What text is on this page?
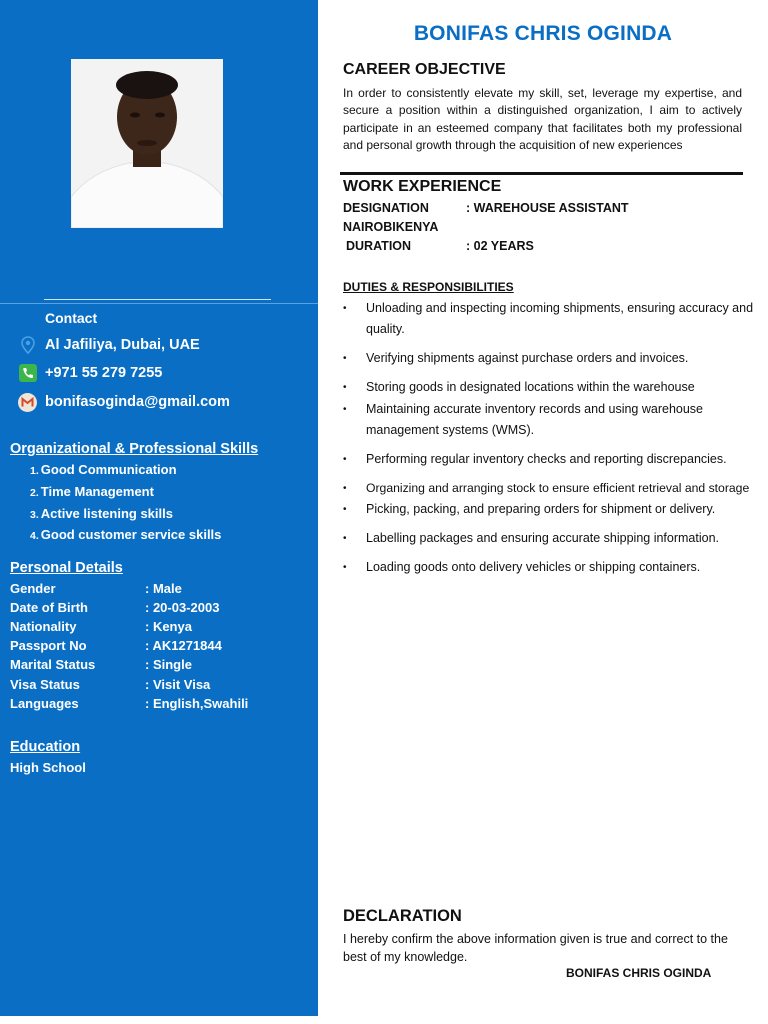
Contact
Al Jafiliya, Dubai, UAE
+971 55 279 7255
bonifasoginda@gmail.com
Organizational & Professional Skills
1. Good Communication
2. Time Management
3. Active listening skills
4. Good customer service skills
Personal Details
Gender	: Male
Date of Birth	: 20-03-2003
Nationality	: Kenya
Passport No	: AK1271844
Marital Status	: Single
Visa Status	: Visit Visa
Languages	: English,Swahili
Education
High School
BONIFAS CHRIS OGINDA
CAREER OBJECTIVE
In order to consistently elevate my skill, set, leverage my expertise, and secure a position within a distinguished organization, I aim to actively participate in an esteemed company that facilitates both my professional and personal growth through the acquisition of new experiences
WORK EXPERIENCE
DESIGNATION	: WAREHOUSE ASSISTANT
NAIROBIKENYA
DURATION	: 02 YEARS
DUTIES & RESPONSIBILITIES
•	Unloading and inspecting incoming shipments, ensuring accuracy and quality.
•	Verifying shipments against purchase orders and invoices.
•	Storing goods in designated locations within the warehouse
•	Maintaining accurate inventory records and using warehouse management systems (WMS).
•	Performing regular inventory checks and reporting discrepancies.
•	Organizing and arranging stock to ensure efficient retrieval and storage
•	Picking, packing, and preparing orders for shipment or delivery.
•	Labelling packages and ensuring accurate shipping information.
•	Loading goods onto delivery vehicles or shipping containers.
DECLARATION
I hereby confirm the above information given is true and correct to the best of my knowledge.
BONIFAS CHRIS OGINDA
